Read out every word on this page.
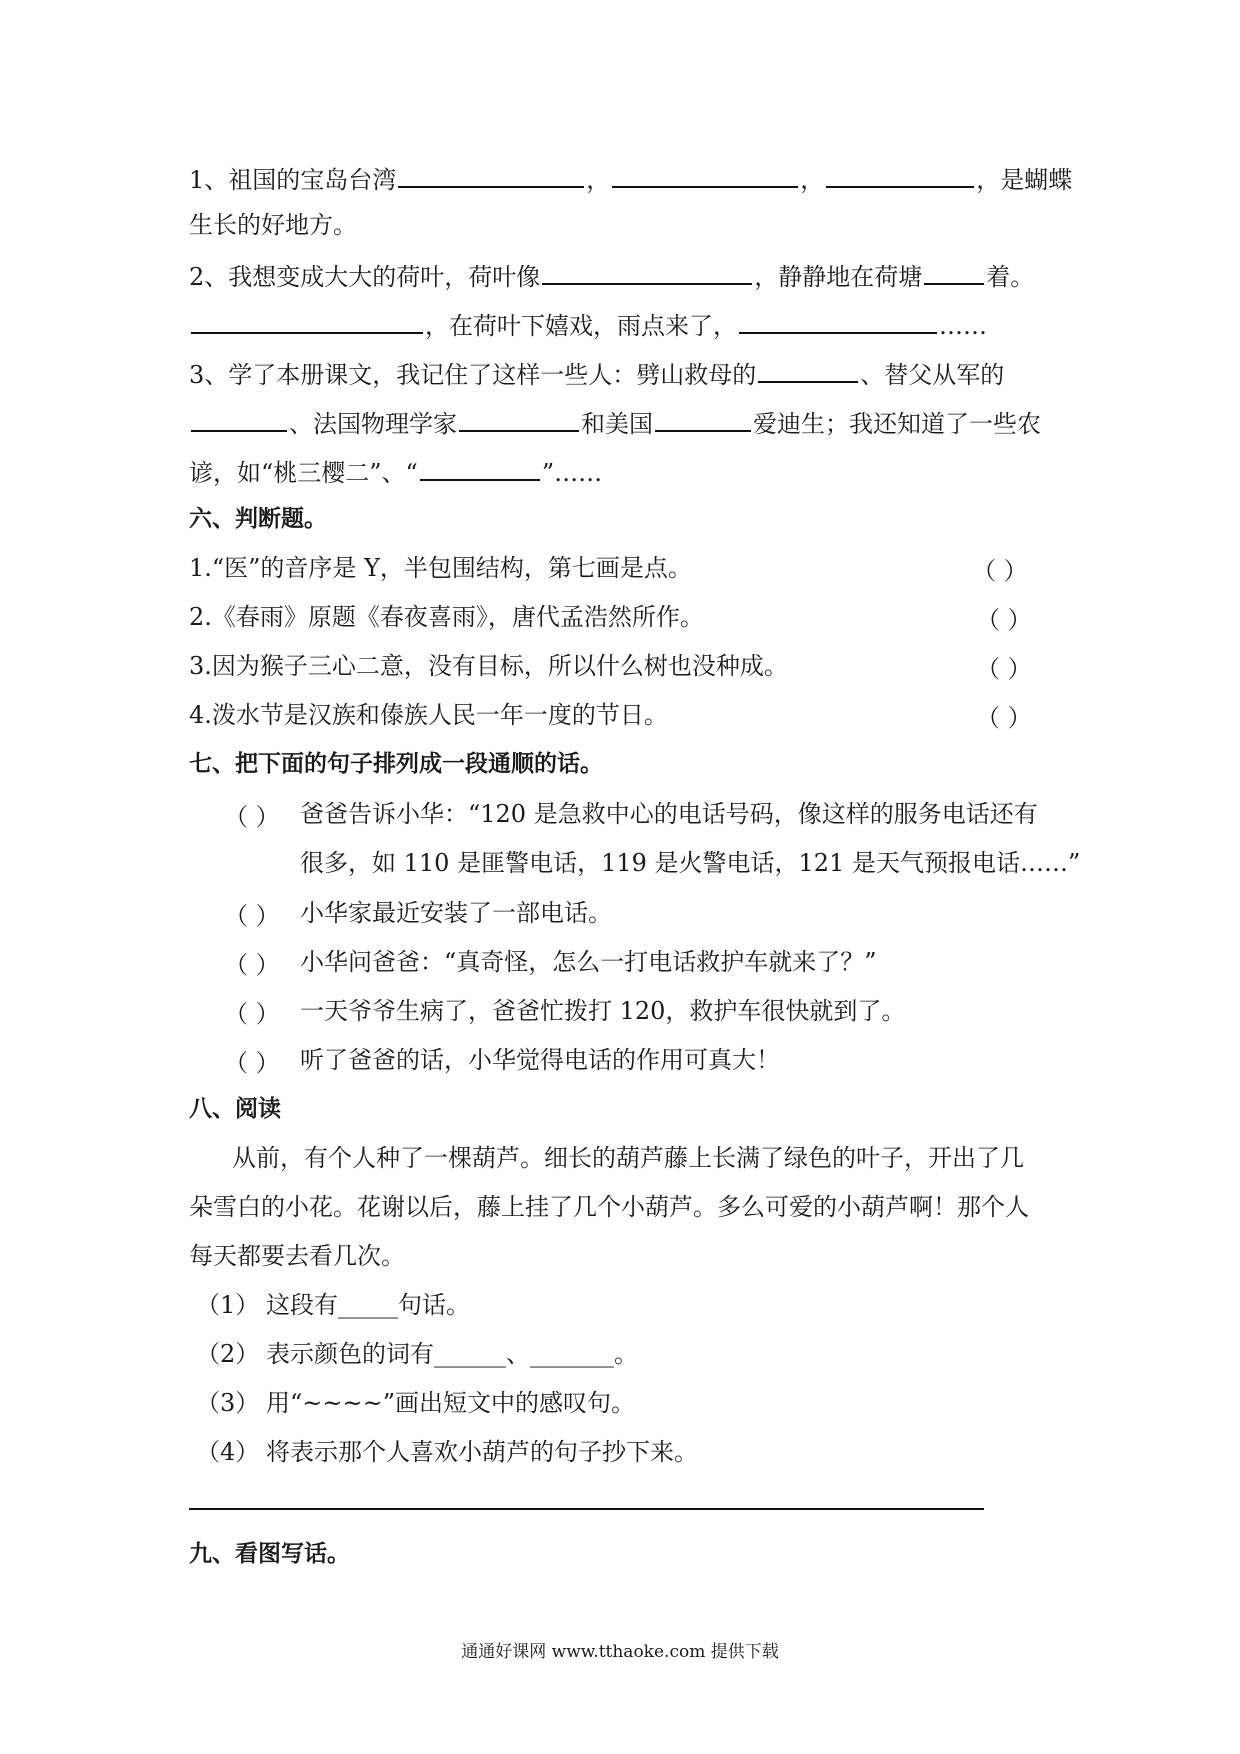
1、祖国的宝岛台湾	，	，	，是蝴蝶
生长的好地方。
2、我想变成大大的荷叶，荷叶像	，静静地在荷塘	着。
，在荷叶下嬉戏，雨点来了，	……
3、学了本册课文，我记住了这样一些人：劈山救母的	、替父从军的
、法国物理学家	和美国	爱迪生；我还知道了一些农
谚，如“桃三樱二”、“	”……
六、判断题。
1.“医”的音序是 Y，半包围结构，第七画是点。	（ ）
2.《春雨》原题《春夜喜雨》，唐代孟浩然所作。	（ ）
3.因为猴子三心二意，没有目标，所以什么树也没种成。	（ ）
4.泼水节是汉族和傣族人民一年一度的节日。	（ ）
七、把下面的句子排列成一段通顺的话。
（ ） 爸爸告诉小华：“120 是急救中心的电话号码，像这样的服务电话还有
很多，如 110 是匪警电话，119 是火警电话，121 是天气预报电话……”
（ ） 小华家最近安装了一部电话。
（ ） 小华问爸爸：“真奇怪，怎么一打电话救护车就来了？”
（ ） 一天爷爷生病了，爸爸忙拨打 120，救护车很快就到了。
（ ） 听了爸爸的话，小华觉得电话的作用可真大！
八、阅读
从前，有个人种了一棵葫芦。细长的葫芦藤上长满了绿色的叶子，开出了几
朵雪白的小花。花谢以后，藤上挂了几个小葫芦。多么可爱的小葫芦啊！那个人
每天都要去看几次。
（1） 这段有_____句话。
（2） 表示颜色的词有______、_______。
（3） 用“~~~~”画出短文中的感叹句。
（4） 将表示那个人喜欢小葫芦的句子抄下来。
九、看图写话。
通通好课网 www.tthaoke.com 提供下载
